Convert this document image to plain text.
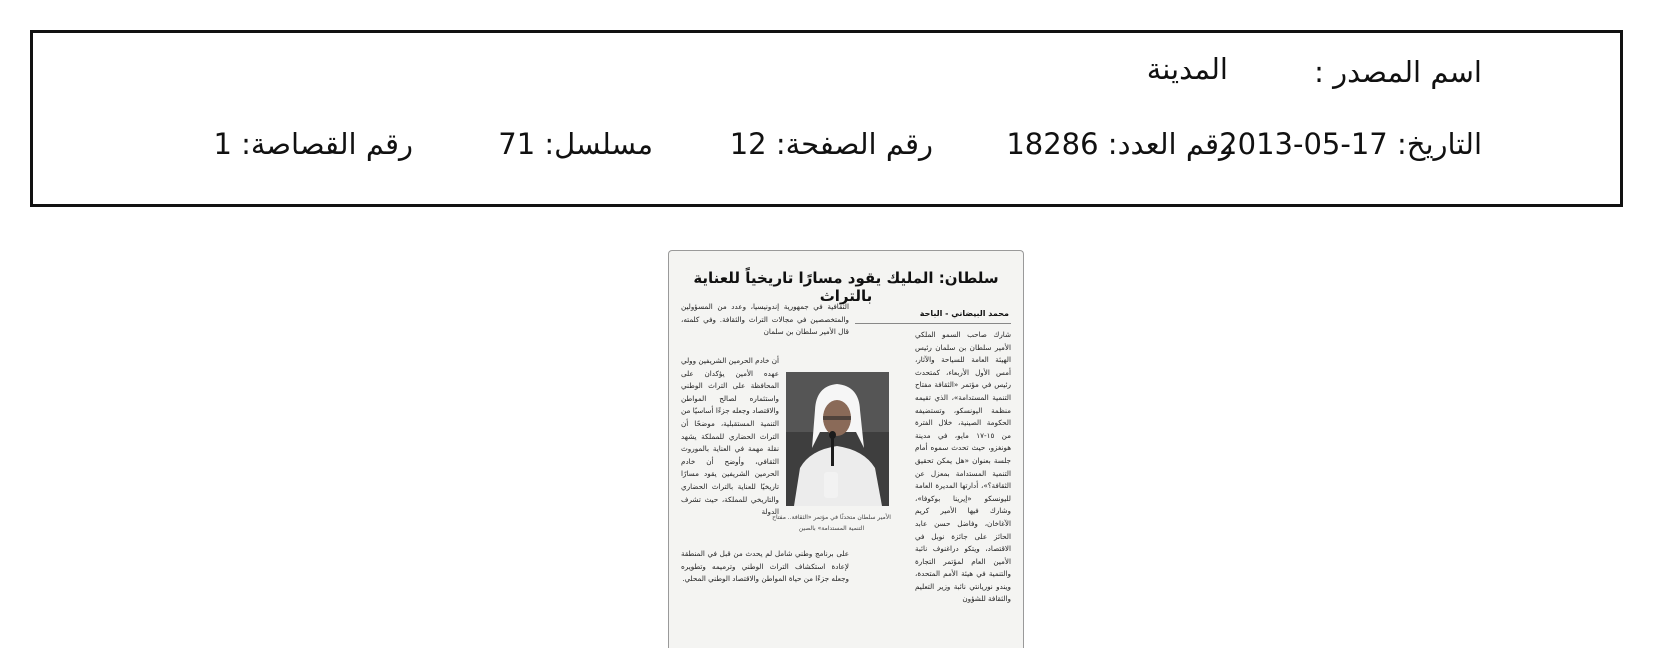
اسم المصدر :
المدينة
التاريخ: 17-05-2013
رقم العدد: 18286
رقم الصفحة: 12
مسلسل: 71
رقم القصاصة: 1
سلطان: المليك يقود مسارًا تاريخياً للعناية بالتراث
محمد البيضاني - الباحة
شارك صاحب السمو الملكي الأمير سلطان بن سلمان رئيس الهيئة العامة للسياحة والآثار، أمس الأول الأربعاء، كمتحدث رئيس في مؤتمر «الثقافة مفتاح التنمية المستدامة»، الذي تقيمه منظمة اليونسكو، وتستضيفه الحكومة الصينية، خلال الفترة من ١٥-١٧ مايو، في مدينة هونغزو، حيث تحدث سموه أمام جلسة بعنوان «هل يمكن تحقيق التنمية المستدامة بمعزل عن الثقافة؟»، أدارتها المديرة العامة لليونسكو «إيرينا بوكوفا»، وشارك فيها الأمير كريم الآغاخان، وفاضل حسن عابد الحائز على جائزة نوبل في الاقتصاد، ويتكو دراغنوف نائبة الأمين العام لمؤتمر التجارة والتنمية في هيئة الأمم المتحدة، ويندو نوريانتي نائبة وزير التعليم والثقافة للشؤون
الثقافية في جمهورية إندونيسيا، وعدد من المسؤولين والمتخصصين في مجالات التراث والثقافة. وفي كلمته، قال الأمير سلطان بن سلمان
أن خادم الحرمين الشريفين وولي عهده الأمين يؤكدان على المحافظة على التراث الوطني واستثماره لصالح المواطن والاقتصاد وجعله جزءًا أساسيًا من التنمية المستقبلية، موضحًا أن التراث الحضاري للمملكة يشهد نقلة مهمة في العناية بالموروث الثقافي، وأوضح أن خادم الحرمين الشريفين يقود مسارًا تاريخيًا للعناية بالتراث الحضاري والتاريخي للمملكة، حيث تشرف الدولة
الأمير سلطان متحدثًا في مؤتمر «الثقافة.. مفتاح التنمية المستدامة» بالصين
على برنامج وطني شامل لم يحدث من قبل في المنطقة لإعادة استكشاف التراث الوطني وترميمه وتطويره وجعله جزءًا من حياة المواطن والاقتصاد الوطني المحلي.
